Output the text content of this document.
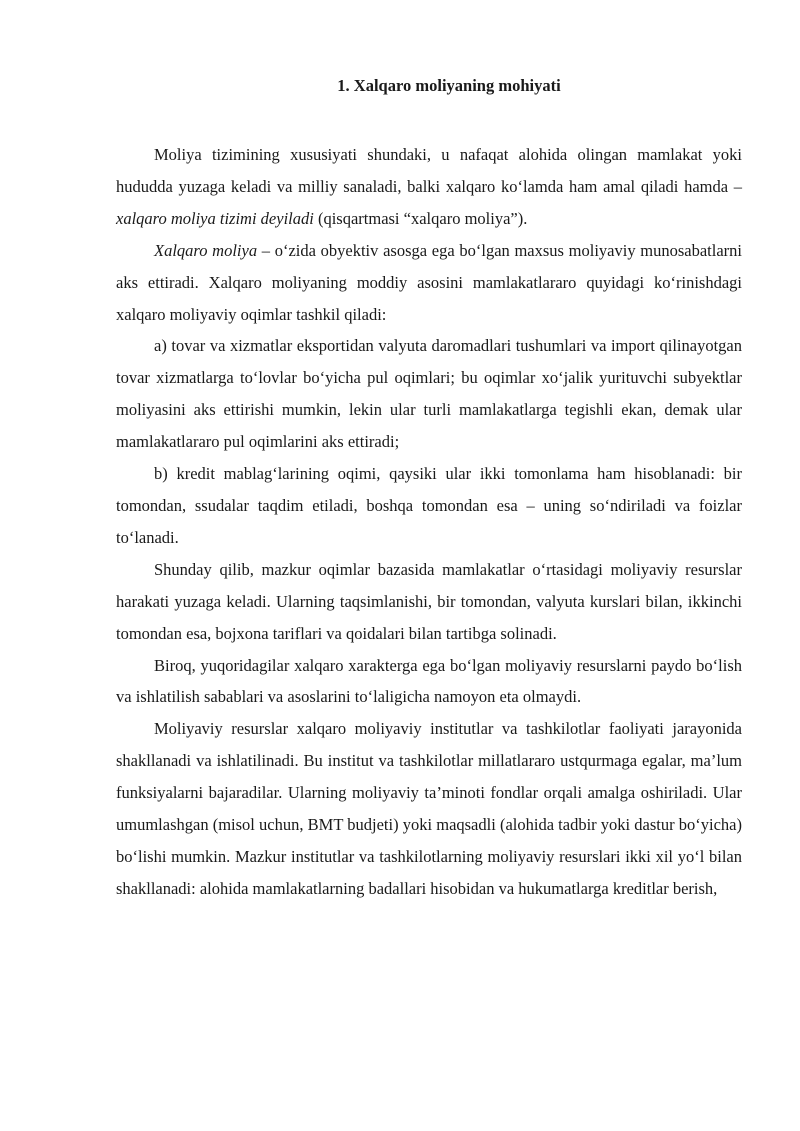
1. Xalqaro moliyaning mohiyati

Moliya tizimining xususiyati shundaki, u nafaqat alohida olingan mamlakat yoki hududda yuzaga keladi va milliy sanaladi, balki xalqaro ko‘lamda ham amal qiladi hamda – xalqaro moliya tizimi deyiladi (qisqartmasi “xalqaro moliya”).

Xalqaro moliya – o‘zida obyektiv asosga ega bo‘lgan maxsus moliyaviy munosabatlarni aks ettiradi. Xalqaro moliyaning moddiy asosini mamlakatlararo quyidagi ko‘rinishdagi xalqaro moliyaviy oqimlar tashkil qiladi:

a) tovar va xizmatlar eksportidan valyuta daromadlari tushumlari va import qilinayotgan tovar xizmatlarga to‘lovlar bo‘yicha pul oqimlari; bu oqimlar xo‘jalik yurituvchi subyektlar moliyasini aks ettirishi mumkin, lekin ular turli mamlakatlarga tegishli ekan, demak ular mamlakatlararo pul oqimlarini aks ettiradi;

b) kredit mablag‘larining oqimi, qaysiki ular ikki tomonlama ham hisoblanadi: bir tomondan, ssudalar taqdim etiladi, boshqa tomondan esa – uning so‘ndiriladi va foizlar to‘lanadi.

Shunday qilib, mazkur oqimlar bazasida mamlakatlar o‘rtasidagi moliyaviy resurslar harakati yuzaga keladi. Ularning taqsimlanishi, bir tomondan, valyuta kurslari bilan, ikkinchi tomondan esa, bojxona tariflari va qoidalari bilan tartibga solinadi.

Biroq, yuqoridagilar xalqaro xarakterga ega bo‘lgan moliyaviy resurslarni paydo bo‘lish va ishlatilish sabablari va asoslarini to‘laligicha namoyon eta olmaydi.

Moliyaviy resurslar xalqaro moliyaviy institutlar va tashkilotlar faoliyati jarayonida shakllanadi va ishlatilinadi. Bu institut va tashkilotlar millatlararo ustqurmaga egalar, ma’lum funksiyalarni bajaradilar. Ularning moliyaviy ta’minoti fondlar orqali amalga oshiriladi. Ular umumlashgan (misol uchun, BMT budjeti) yoki maqsadli (alohida tadbir yoki dastur bo‘yicha) bo‘lishi mumkin. Mazkur institutlar va tashkilotlarning moliyaviy resurslari ikki xil yo‘l bilan shakllanadi: alohida mamlakatlarning badallari hisobidan va hukumatlarga kreditlar berish,
